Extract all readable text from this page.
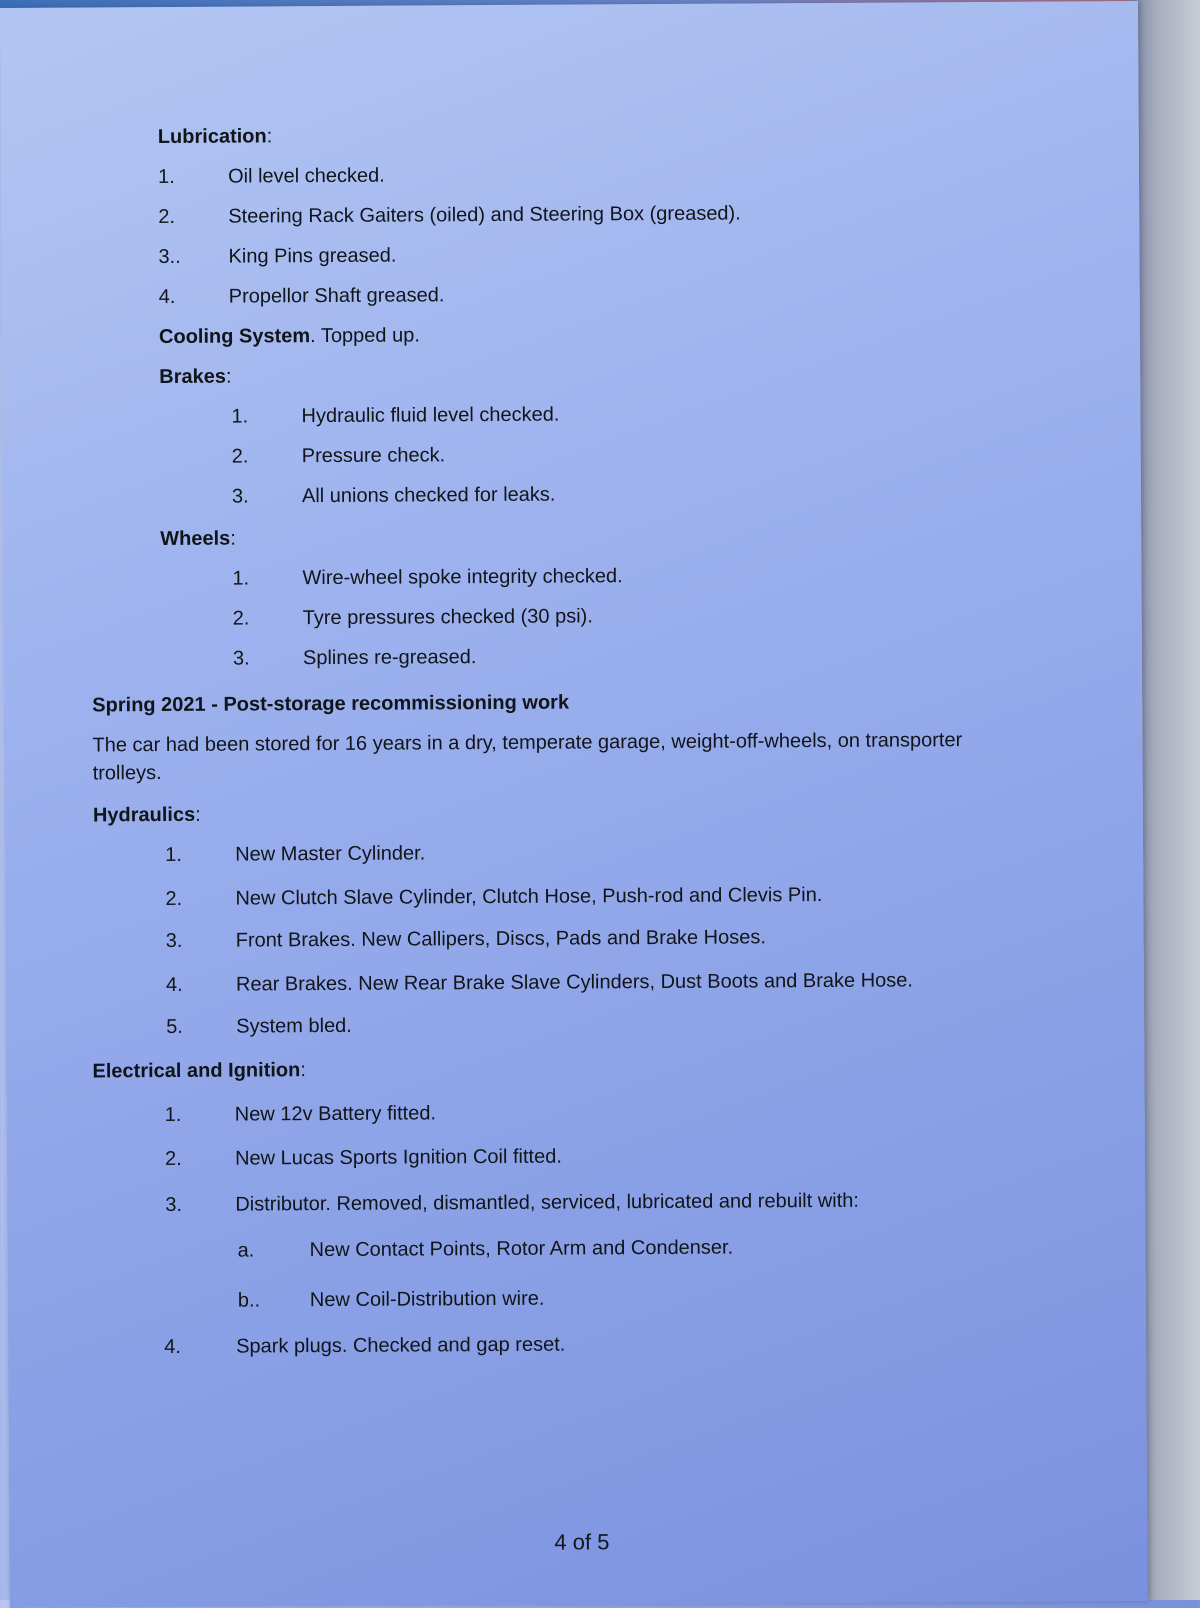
Lubrication:
1.	Oil level checked.
2.	Steering Rack Gaiters (oiled) and Steering Box (greased).
3.. King Pins greased.
4.	Propellor Shaft greased.
Cooling System. Topped up.
Brakes:
1.	Hydraulic fluid level checked.
2.	Pressure check.
3.	All unions checked for leaks.
Wheels:
1.	Wire-wheel spoke integrity checked.
2.	Tyre pressures checked (30 psi).
3.	Splines re-greased.
Spring 2021 - Post-storage recommissioning work
The car had been stored for 16 years in a dry, temperate garage, weight-off-wheels, on transporter
trolleys.
Hydraulics:
1.	New Master Cylinder.
2.	New Clutch Slave Cylinder, Clutch Hose, Push-rod and Clevis Pin.
3.	Front Brakes. New Callipers, Discs, Pads and Brake Hoses.
4.	Rear Brakes. New Rear Brake Slave Cylinders, Dust Boots and Brake Hose.
5.	System bled.
Electrical and Ignition:
1.	New 12v Battery fitted.
2.	New Lucas Sports Ignition Coil fitted.
3.	Distributor. Removed, dismantled, serviced, lubricated and rebuilt with:
a.	New Contact Points, Rotor Arm and Condenser.
b.. New Coil-Distribution wire.
4.	Spark plugs. Checked and gap reset.
4 of 5
